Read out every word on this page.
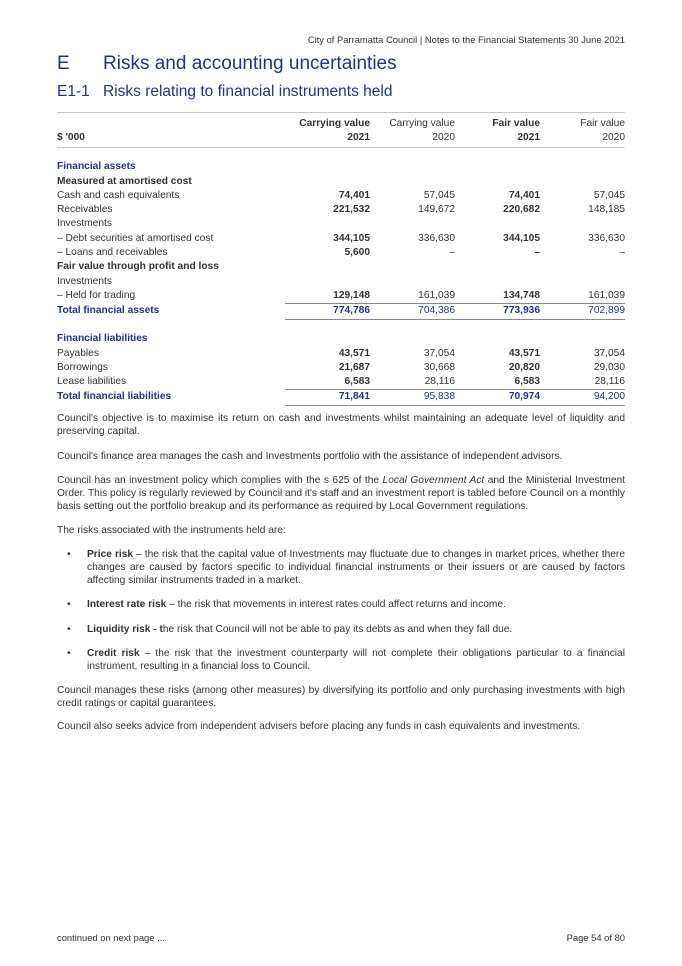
City of Parramatta Council | Notes to the Financial Statements 30 June 2021
E Risks and accounting uncertainties
E1-1 Risks relating to financial instruments held
	Carrying value	Carrying value	Fair value	Fair value
$ '000	2021	2020	2021	2020

Financial assets				
Measured at amortised cost				
Cash and cash equivalents	74,401	57,045	74,401	57,045
Receivables	221,532	149,672	220,682	148,185
Investments				
– Debt securities at amortised cost	344,105	336,630	344,105	336,630
– Loans and receivables	5,600	–	–	–
Fair value through profit and loss				
Investments				
– Held for trading	129,148	161,039	134,748	161,039
Total financial assets	774,786	704,386	773,936	702,899

Financial liabilities				
Payables	43,571	37,054	43,571	37,054
Borrowings	21,687	30,668	20,820	29,030
Lease liabilities	6,583	28,116	6,583	28,116
Total financial liabilities	71,841	95,838	70,974	94,200
Council's objective is to maximise its return on cash and investments whilst maintaining an adequate level of liquidity and preserving capital.
Council's finance area manages the cash and Investments portfolio with the assistance of independent advisors.
Council has an investment policy which complies with the s 625 of the Local Government Act and the Ministerial Investment Order. This policy is regularly reviewed by Council and it's staff and an investment report is tabled before Council on a monthly basis setting out the portfolio breakup and its performance as required by Local Government regulations.
The risks associated with the instruments held are:
• Price risk – the risk that the capital value of Investments may fluctuate due to changes in market prices, whether there changes are caused by factors specific to individual financial instruments or their issuers or are caused by factors affecting similar instruments traded in a market.
• Interest rate risk – the risk that movements in interest rates could affect returns and income.
• Liquidity risk - the risk that Council will not be able to pay its debts as and when they fall due.
• Credit risk – the risk that the investment counterparty will not complete their obligations particular to a financial instrument, resulting in a financial loss to Council.
Council manages these risks (among other measures) by diversifying its portfolio and only purchasing investments with high credit ratings or capital guarantees.
Council also seeks advice from independent advisers before placing any funds in cash equivalents and investments.
continued on next page ...	Page 54 of 80
